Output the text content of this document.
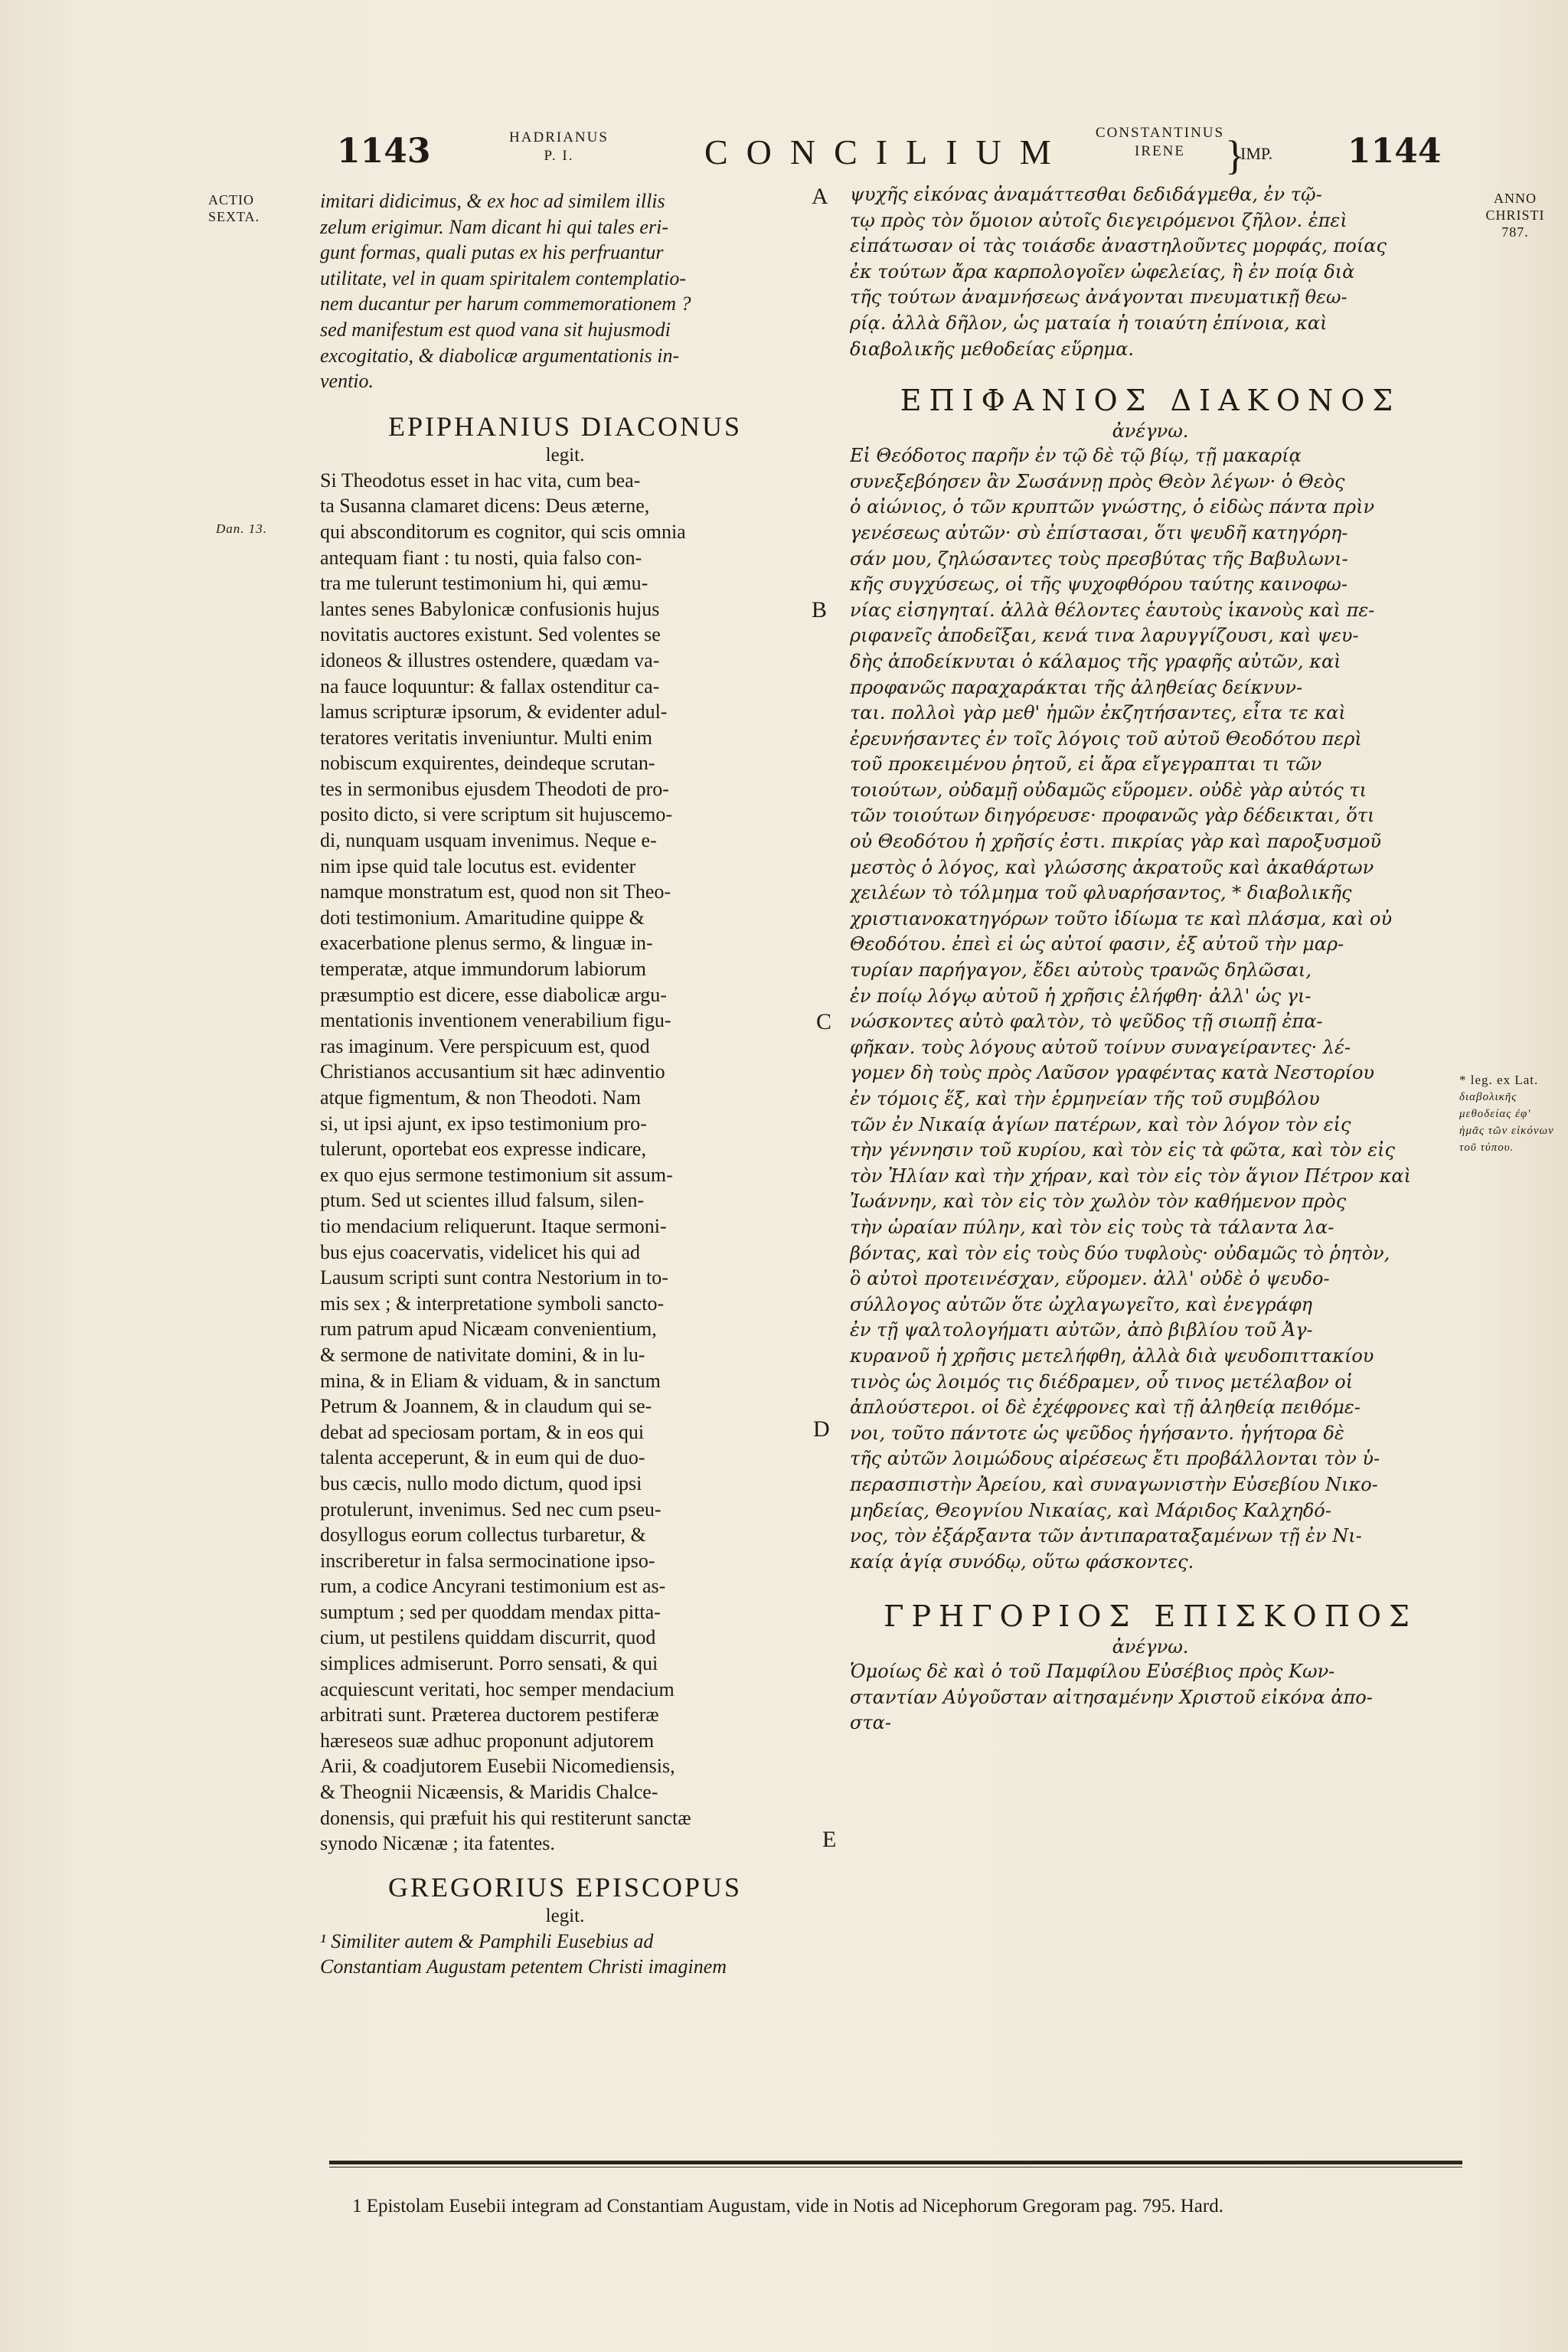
1143	HADRIANUS
P. I.	CONCILIUM	CONSTANTINUS
IRENE }
IMP. 1144
ACTIO
SEXTA.
ANNO
CHRISTI
787.
Dan. 13.
* leg. ex Lat.
διαβολικῆς μεθοδείας ἐφ' ἡμᾶς τῶν εἰκόνων τοῦ τύπου.
A
B
C
D
E
imitari didicimus, & ex hoc ad similem illis
zelum erigimur. Nam dicant hi qui tales eri-
gunt formas, quali putas ex his perfruantur
utilitate, vel in quam spiritalem contemplatio-
nem ducantur per harum commemorationem ?
sed manifestum est quod vana sit hujusmodi
excogitatio, & diabolicæ argumentationis in-
ventio.
EPIPHANIUS DIACONUS
legit.
Si Theodotus esset in hac vita, cum bea-
ta Susanna clamaret dicens: Deus æterne,
qui absconditorum es cognitor, qui scis omnia
antequam fiant : tu nosti, quia falso con-
tra me tulerunt testimonium hi, qui æmu-
lantes senes Babylonicæ confusionis hujus
novitatis auctores existunt. Sed volentes se
idoneos & illustres ostendere, quædam va-
na fauce loquuntur: & fallax ostenditur ca-
lamus scripturæ ipsorum, & evidenter adul-
teratores veritatis inveniuntur. Multi enim
nobiscum exquirentes, deindeque scrutan-
tes in sermonibus ejusdem Theodoti de pro-
posito dicto, si vere scriptum sit hujuscemo-
di, nunquam usquam invenimus. Neque e-
nim ipse quid tale locutus est. evidenter
namque monstratum est, quod non sit Theo-
doti testimonium. Amaritudine quippe &
exacerbatione plenus sermo, & linguæ in-
temperatæ, atque immundorum labiorum
præsumptio est dicere, esse diabolicæ argu-
mentationis inventionem venerabilium figu-
ras imaginum. Vere perspicuum est, quod
Christianos accusantium sit hæc adinventio
atque figmentum, & non Theodoti. Nam
si, ut ipsi ajunt, ex ipso testimonium pro-
tulerunt, oportebat eos expresse indicare,
ex quo ejus sermone testimonium sit assum-
ptum. Sed ut scientes illud falsum, silen-
tio mendacium reliquerunt. Itaque sermoni-
bus ejus coacervatis, videlicet his qui ad
Lausum scripti sunt contra Nestorium in to-
mis sex ; & interpretatione symboli sancto-
rum patrum apud Nicæam convenientium,
& sermone de nativitate domini, & in lu-
mina, & in Eliam & viduam, & in sanctum
Petrum & Joannem, & in claudum qui se-
debat ad speciosam portam, & in eos qui
talenta acceperunt, & in eum qui de duo-
bus cæcis, nullo modo dictum, quod ipsi
protulerunt, invenimus. Sed nec cum pseu-
dosyllogus eorum collectus turbaretur, &
inscriberetur in falsa sermocinatione ipso-
rum, a codice Ancyrani testimonium est as-
sumptum ; sed per quoddam mendax pitta-
cium, ut pestilens quiddam discurrit, quod
simplices admiserunt. Porro sensati, & qui
acquiescunt veritati, hoc semper mendacium
arbitrati sunt. Præterea ductorem pestiferæ
hæreseos suæ adhuc proponunt adjutorem
Arii, & coadjutorem Eusebii Nicomediensis,
& Theognii Nicæensis, & Maridis Chalce-
donensis, qui præfuit his qui restiterunt sanctæ
synodo Nicænæ ; ita fatentes.
GREGORIUS EPISCOPUS
legit.
¹ Similiter autem & Pamphili Eusebius ad
Constantiam Augustam petentem Christi imaginem
ψυχῆς εἰκόνας ἀναμάττεσθαι δεδιδάγμεθα, ἐν τῷ-
τῳ πρὸς τὸν ὅμοιον αὐτοῖς διεγειρόμενοι ζῆλον. ἐπεὶ
εἰπάτωσαν οἱ τὰς τοιάσδε ἀναστηλοῦντες μορφάς, ποίας
ἐκ τούτων ἄρα καρπολογοῖεν ὠφελείας, ἢ ἐν ποίᾳ διὰ
τῆς τούτων ἀναμνήσεως ἀνάγονται πνευματικῇ θεω-
ρίᾳ. ἀλλὰ δῆλον, ὡς ματαία ἡ τοιαύτη ἐπίνοια, καὶ
διαβολικῆς μεθοδείας εὕρημα.
ΕΠΙΦΑΝΙΟΣ ΔΙΑΚΟΝΟΣ
ἀνέγνω.
Εἰ Θεόδοτος παρῆν ἐν τῷ δὲ τῷ βίῳ, τῇ μακαρίᾳ
συνεξεβόησεν ἂν Σωσάννῃ πρὸς Θεὸν λέγων· ὁ Θεὸς
ὁ αἰώνιος, ὁ τῶν κρυπτῶν γνώστης, ὁ εἰδὼς πάντα πρὶν
γενέσεως αὐτῶν· σὺ ἐπίστασαι, ὅτι ψευδῆ κατηγόρη-
σάν μου, ζηλώσαντες τοὺς πρεσβύτας τῆς Βαβυλωνι-
κῆς συγχύσεως, οἱ τῆς ψυχοφθόρου ταύτης καινοφω-
νίας εἰσηγηταί. ἀλλὰ θέλοντες ἑαυτοὺς ἱκανοὺς καὶ πε-
ριφανεῖς ἀποδεῖξαι, κενά τινα λαρυγγίζουσι, καὶ ψευ-
δὴς ἀποδείκνυται ὁ κάλαμος τῆς γραφῆς αὐτῶν, καὶ
προφανῶς παραχαράκται τῆς ἀληθείας δείκνυν-
ται. πολλοὶ γὰρ μεθ' ἡμῶν ἐκζητήσαντες, εἶτα τε καὶ
ἐρευνήσαντες ἐν τοῖς λόγοις τοῦ αὐτοῦ Θεοδότου περὶ
τοῦ προκειμένου ῥητοῦ, εἰ ἄρα εἴγεγραπται τι τῶν
τοιούτων, οὐδαμῇ οὐδαμῶς εὕρομεν. οὐδὲ γὰρ αὐτός τι
τῶν τοιούτων διηγόρευσε· προφανῶς γὰρ δέδεικται, ὅτι
οὐ Θεοδότου ἡ χρῆσίς ἐστι. πικρίας γὰρ καὶ παροξυσμοῦ
μεστὸς ὁ λόγος, καὶ γλώσσης ἀκρατοῦς καὶ ἀκαθάρτων
χειλέων τὸ τόλμημα τοῦ φλυαρήσαντος, * διαβολικῆς
χριστιανοκατηγόρων τοῦτο ἰδίωμα τε καὶ πλάσμα, καὶ οὐ
Θεοδότου. ἐπεὶ εἰ ὡς αὐτοί φασιν, ἐξ αὐτοῦ τὴν μαρ-
τυρίαν παρήγαγον, ἔδει αὐτοὺς τρανῶς δηλῶσαι,
ἐν ποίῳ λόγῳ αὐτοῦ ἡ χρῆσις ἐλήφθη· ἀλλ' ὡς γι-
νώσκοντες αὐτὸ φαλτὸν, τὸ ψεῦδος τῇ σιωπῇ ἐπα-
φῆκαν. τοὺς λόγους αὐτοῦ τοίνυν συναγείραντες· λέ-
γομεν δὴ τοὺς πρὸς Λαῦσον γραφέντας κατὰ Νεστορίου
ἐν τόμοις ἕξ, καὶ τὴν ἑρμηνείαν τῆς τοῦ συμβόλου
τῶν ἐν Νικαίᾳ ἁγίων πατέρων, καὶ τὸν λόγον τὸν εἰς
τὴν γέννησιν τοῦ κυρίου, καὶ τὸν εἰς τὰ φῶτα, καὶ τὸν εἰς
τὸν Ἠλίαν καὶ τὴν χήραν, καὶ τὸν εἰς τὸν ἅγιον Πέτρον καὶ
Ἰωάννην, καὶ τὸν εἰς τὸν χωλὸν τὸν καθήμενον πρὸς
τὴν ὡραίαν πύλην, καὶ τὸν εἰς τοὺς τὰ τάλαντα λα-
βόντας, καὶ τὸν εἰς τοὺς δύο τυφλοὺς· οὐδαμῶς τὸ ῥητὸν,
ὃ αὐτοὶ προτεινέσχαν, εὕρομεν. ἀλλ' οὐδὲ ὁ ψευδο-
σύλλογος αὐτῶν ὅτε ὠχλαγωγεῖτο, καὶ ἐνεγράφη
ἐν τῇ ψαλτολογήματι αὐτῶν, ἀπὸ βιβλίου τοῦ Ἀγ-
κυρανοῦ ἡ χρῆσις μετελήφθη, ἀλλὰ διὰ ψευδοπιττακίου
τινὸς ὡς λοιμός τις διέδραμεν, οὗ τινος μετέλαβον οἱ
ἀπλούστεροι. οἱ δὲ ἐχέφρονες καὶ τῇ ἀληθείᾳ πειθόμε-
νοι, τοῦτο πάντοτε ὡς ψεῦδος ἡγήσαντο. ἡγήτορα δὲ
τῆς αὐτῶν λοιμώδους αἱρέσεως ἔτι προβάλλονται τὸν ὑ-
περασπιστὴν Ἀρείου, καὶ συναγωνιστὴν Εὐσεβίου Νικο-
μηδείας, Θεογνίου Νικαίας, καὶ Μάριδος Καλχηδό-
νος, τὸν ἐξάρξαντα τῶν ἀντιπαραταξαμένων τῇ ἐν Νι-
καίᾳ ἁγίᾳ συνόδῳ, οὕτω φάσκοντες.
ΓΡΗΓΟΡΙΟΣ ΕΠΙΣΚΟΠΟΣ
ἀνέγνω.
Ὁμοίως δὲ καὶ ὁ τοῦ Παμφίλου Εὐσέβιος πρὸς Κων-
σταντίαν Αὐγοῦσταν αἰτησαμένην Χριστοῦ εἰκόνα ἀπο-
στα-
1 Epistolam Eusebii integram ad Constantiam Augustam, vide in Notis ad Nicephorum Gregoram pag. 795. Hard.
